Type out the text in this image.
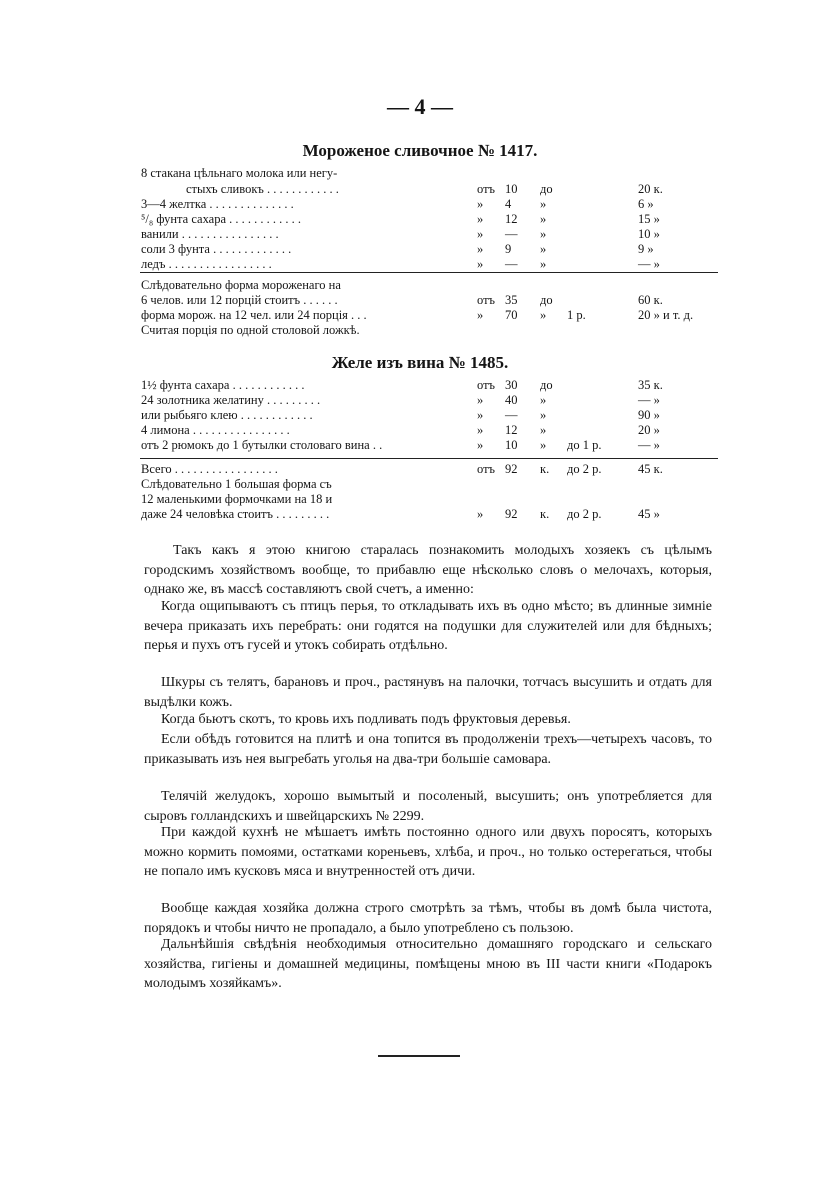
— 4 —
Мороженое сливочное № 1417.
8 стакана цѣльнаго молока или негу-
стыхъ сливокъ . . . . . . . . . . . .	отъ 10 до	20 к.
3—4 желтка . . . . . . . . . . . . . .	» 4 »	6 »
⁵/₈ фунта сахара . . . . . . . . . . . .	» 12 »	15 »
ванили . . . . . . . . . . . . . . . .	» — »	10 »
соли 3 фунта . . . . . . . . . . . . .	» 9 »	9 »
ледъ . . . . . . . . . . . . . . . . .	» — »	— »
Слѣдовательно форма мороженаго на
6 челов. или 12 порцій стоитъ . . . . . .	отъ 35 до	60 к.
форма морож. на 12 чел. или 24 порція . . .	» 70 » 1 р.	20 » и т. д.
Считая порція по одной столовой ложкѣ.
Желе изъ вина № 1485.
1½ фунта сахара . . . . . . . . . . . .	отъ 30 до	35 к.
24 золотника желатину . . . . . . . . .	» 40 »	— »
или рыбьяго клею . . . . . . . . . . . .	» — »	90 »
4 лимона . . . . . . . . . . . . . . . .	» 12 »	20 »
отъ 2 рюмокъ до 1 бутылки столоваго вина . .	» 10 » до 1 р.	— »
Всего . . . . . . . . . . . . . . . . .	отъ 92 к. до 2 р.	45 к.
Слѣдовательно 1 большая форма съ
12 маленькими формочками на 18 и
даже 24 человѣка стоитъ . . . . . . . . .	» 92 к. до 2 р.	45 »
Такъ какъ я этою книгою старалась познакомить молодыхъ хозяекъ съ цѣлымъ городскимъ хозяйствомъ вообще, то прибавлю еще нѣсколько словъ о мелочахъ, которыя, однако же, въ массѣ составляютъ свой счетъ, а именно:
Когда ощипываютъ съ птицъ перья, то откладывать ихъ въ одно мѣсто; въ длинные зимніе вечера приказать ихъ перебрать: они годятся на подушки для служителей или для бѣдныхъ; перья и пухъ отъ гусей и утокъ собирать отдѣльно.
Шкуры съ телятъ, барановъ и проч., растянувъ на палочки, тотчасъ высушить и отдать для выдѣлки кожъ.
Когда бьютъ скотъ, то кровь ихъ подливать подъ фруктовыя деревья.
Если обѣдъ готовится на плитѣ и она топится въ продолженіи трехъ—четырехъ часовъ, то приказывать изъ нея выгребать уголья на два-три большіе самовара.
Телячій желудокъ, хорошо вымытый и посоленый, высушить; онъ употребляется для сыровъ голландскихъ и швейцарскихъ № 2299.
При каждой кухнѣ не мѣшаетъ имѣть постоянно одного или двухъ поросятъ, которыхъ можно кормить помоями, остатками кореньевъ, хлѣба, и проч., но только остерегаться, чтобы не попало имъ кусковъ мяса и внутренностей отъ дичи.
Вообще каждая хозяйка должна строго смотрѣть за тѣмъ, чтобы въ домѣ была чистота, порядокъ и чтобы ничто не пропадало, а было употреблено съ пользою.
Дальнѣйшія свѣдѣнія необходимыя относительно домашняго городскаго и сельскаго хозяйства, гигіены и домашней медицины, помѣщены мною въ III части книги «Подарокъ молодымъ хозяйкамъ».
